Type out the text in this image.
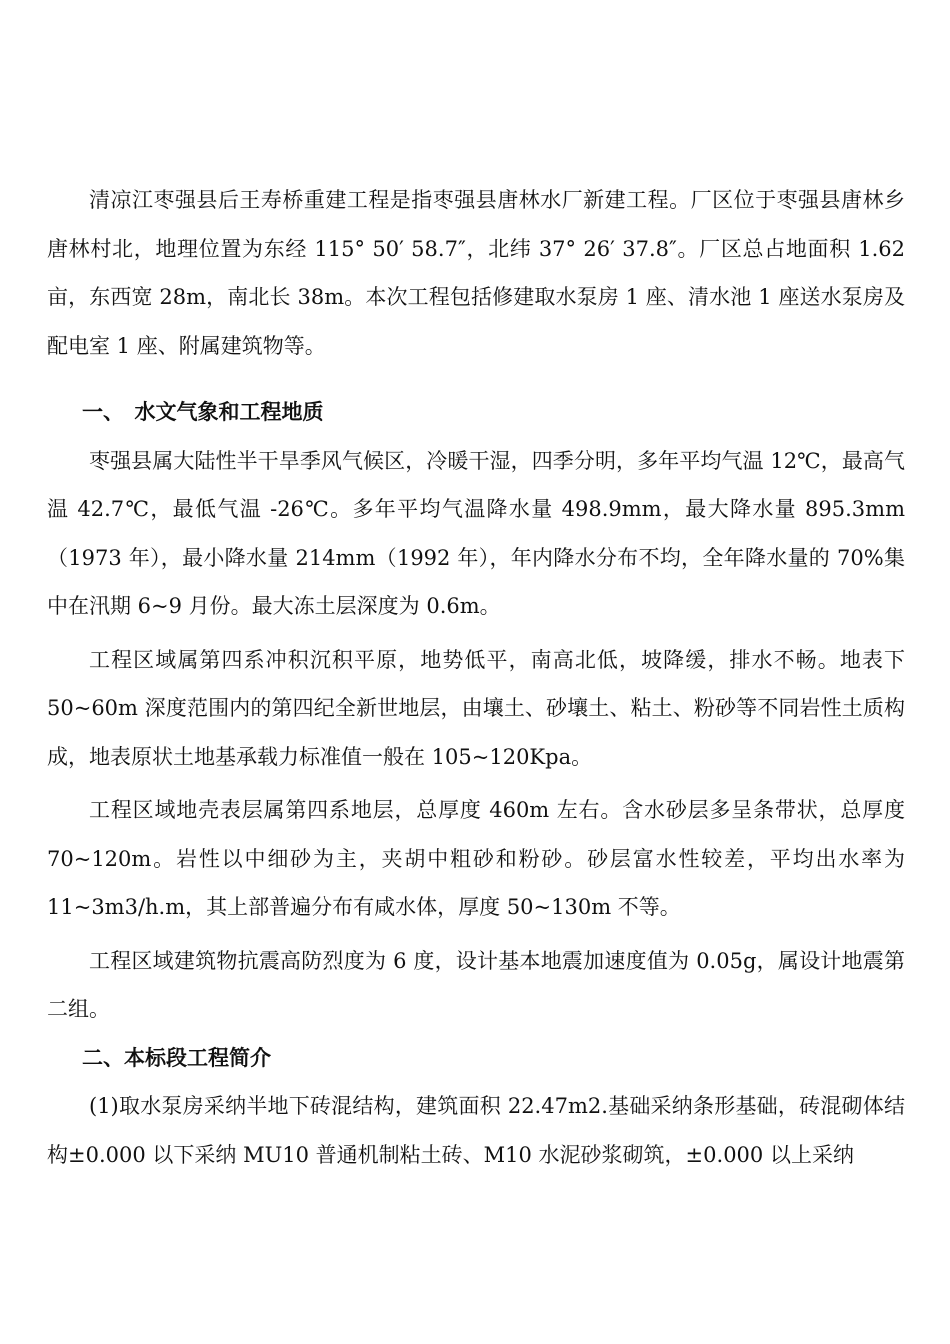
清凉江枣强县后王寿桥重建工程是指枣强县唐林水厂新建工程。厂区位于枣强县唐林乡唐林村北，地理位置为东经 115° 50′ 58.7″，北纬 37° 26′ 37.8″。厂区总占地面积 1.62 亩，东西宽 28m，南北长 38m。本次工程包括修建取水泵房 1 座、清水池 1 座送水泵房及配电室 1 座、附属建筑物等。

一、　水文气象和工程地质

枣强县属大陆性半干旱季风气候区，冷暖干湿，四季分明，多年平均气温 12℃，最高气温 42.7℃，最低气温 -26℃。多年平均气温降水量 498.9mm，最大降水量 895.3mm（1973 年），最小降水量 214mm（1992 年），年内降水分布不均，全年降水量的 70%集中在汛期 6~9 月份。最大冻土层深度为 0.6m。

工程区域属第四系冲积沉积平原，地势低平，南高北低，坡降缓，排水不畅。地表下 50~60m 深度范围内的第四纪全新世地层，由壤土、砂壤土、粘土、粉砂等不同岩性土质构成，地表原状土地基承载力标准值一般在 105~120Kpa。

工程区域地壳表层属第四系地层，总厚度 460m 左右。含水砂层多呈条带状，总厚度 70~120m。岩性以中细砂为主，夹胡中粗砂和粉砂。砂层富水性较差，平均出水率为 11~3m3/h.m，其上部普遍分布有咸水体，厚度 50~130m 不等。

工程区域建筑物抗震高防烈度为 6 度，设计基本地震加速度值为 0.05g，属设计地震第二组。

二、本标段工程简介

(1)取水泵房采纳半地下砖混结构，建筑面积 22.47m2.基础采纳条形基础，砖混砌体结构±0.000 以下采纳 MU10 普通机制粘土砖、M10 水泥砂浆砌筑，±0.000 以上采纳
